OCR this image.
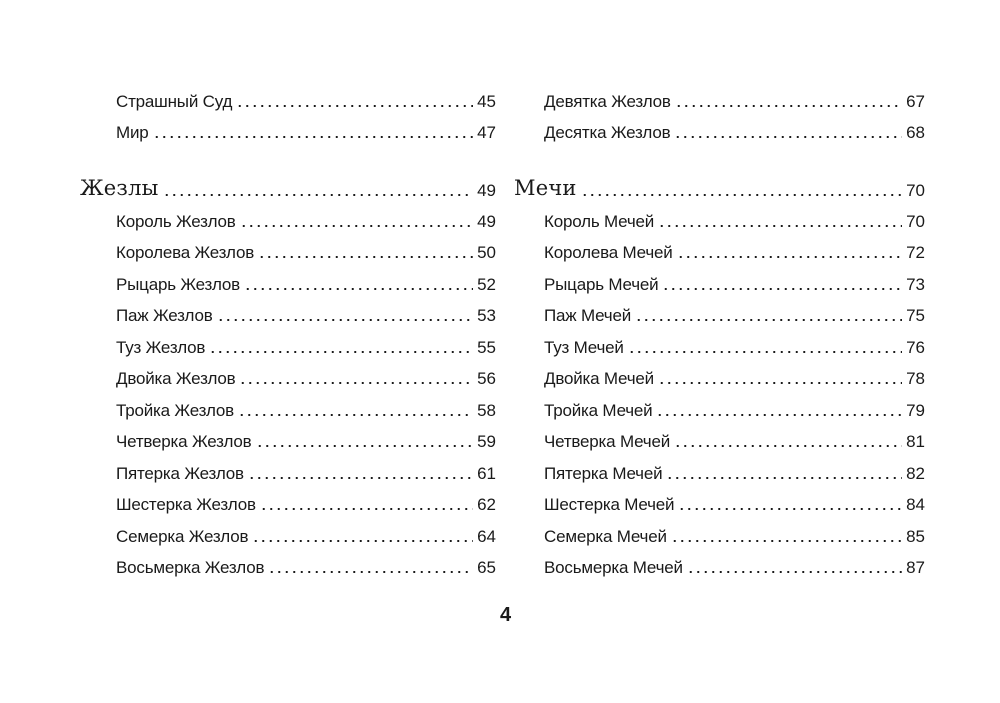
Страшный Суд	45
Мир	47
Жезлы	49
Король Жезлов	49
Королева Жезлов	50
Рыцарь Жезлов	52
Паж Жезлов	53
Туз Жезлов	55
Двойка Жезлов	56
Тройка Жезлов	58
Четверка Жезлов	59
Пятерка Жезлов	61
Шестерка Жезлов	62
Семерка Жезлов	64
Восьмерка Жезлов	65
Девятка Жезлов	67
Десятка Жезлов	68
Мечи	70
Король Мечей	70
Королева Мечей	72
Рыцарь Мечей	73
Паж Мечей	75
Туз Мечей	76
Двойка Мечей	78
Тройка Мечей	79
Четверка Мечей	81
Пятерка Мечей	82
Шестерка Мечей	84
Семерка Мечей	85
Восьмерка Мечей	87
4
